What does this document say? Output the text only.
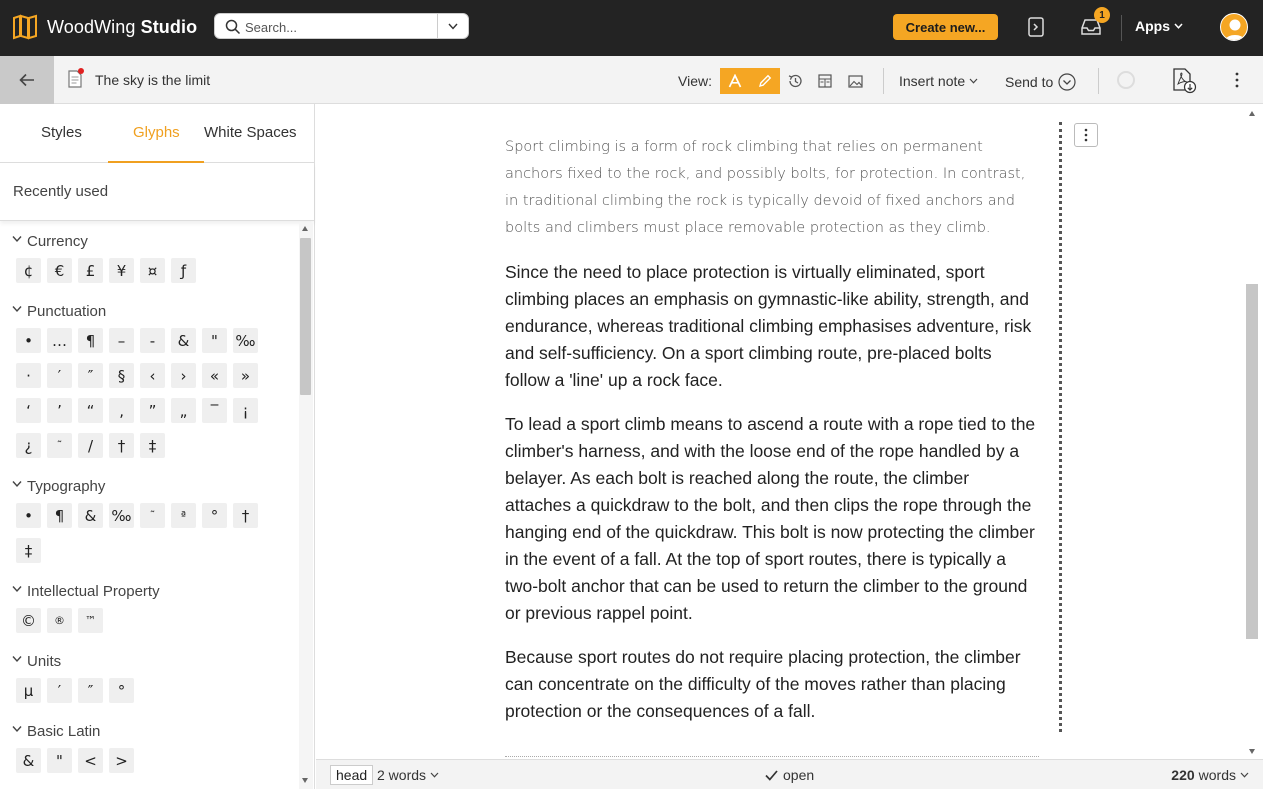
WoodWing Studio
Search...	Create new...
1
Apps
The sky is the limit	View:	Insert note	Send to
Styles	Glyphs White Spaces
Recently used
Currency
¢	€	£	¥	¤	ƒ
Punctuation
•	…	¶	–	-	&	"	‰
·	′	″	§	‹	›	«	»
‘	’	“	‚	”	„	‾	¡
¿	˜	/	†	‡
Typography
•	¶	&	‰	˜	ª	°	†
‡
Intellectual Property
©	®	™
Units
µ	′	″	°
Basic Latin
&	"	<	>

Sport climbing is a form of rock climbing that relies on permanent anchors fixed to the rock, and possibly bolts, for protection. In contrast, in traditional climbing the rock is typically devoid of fixed anchors and bolts and climbers must place removable protection as they climb.

Since the need to place protection is virtually eliminated, sport climbing places an emphasis on gymnastic-like ability, strength, and endurance, whereas traditional climbing emphasises adventure, risk and self-sufficiency. On a sport climbing route, pre-placed bolts follow a 'line' up a rock face.

To lead a sport climb means to ascend a route with a rope tied to the climber's harness, and with the loose end of the rope handled by a belayer. As each bolt is reached along the route, the climber attaches a quickdraw to the bolt, and then clips the rope through the hanging end of the quickdraw. This bolt is now protecting the climber in the event of a fall. At the top of sport routes, there is typically a two-bolt anchor that can be used to return the climber to the ground or previous rappel point.

Because sport routes do not require placing protection, the climber can concentrate on the difficulty of the moves rather than placing protection or the consequences of a fall.

head 2 words	open	220 words
